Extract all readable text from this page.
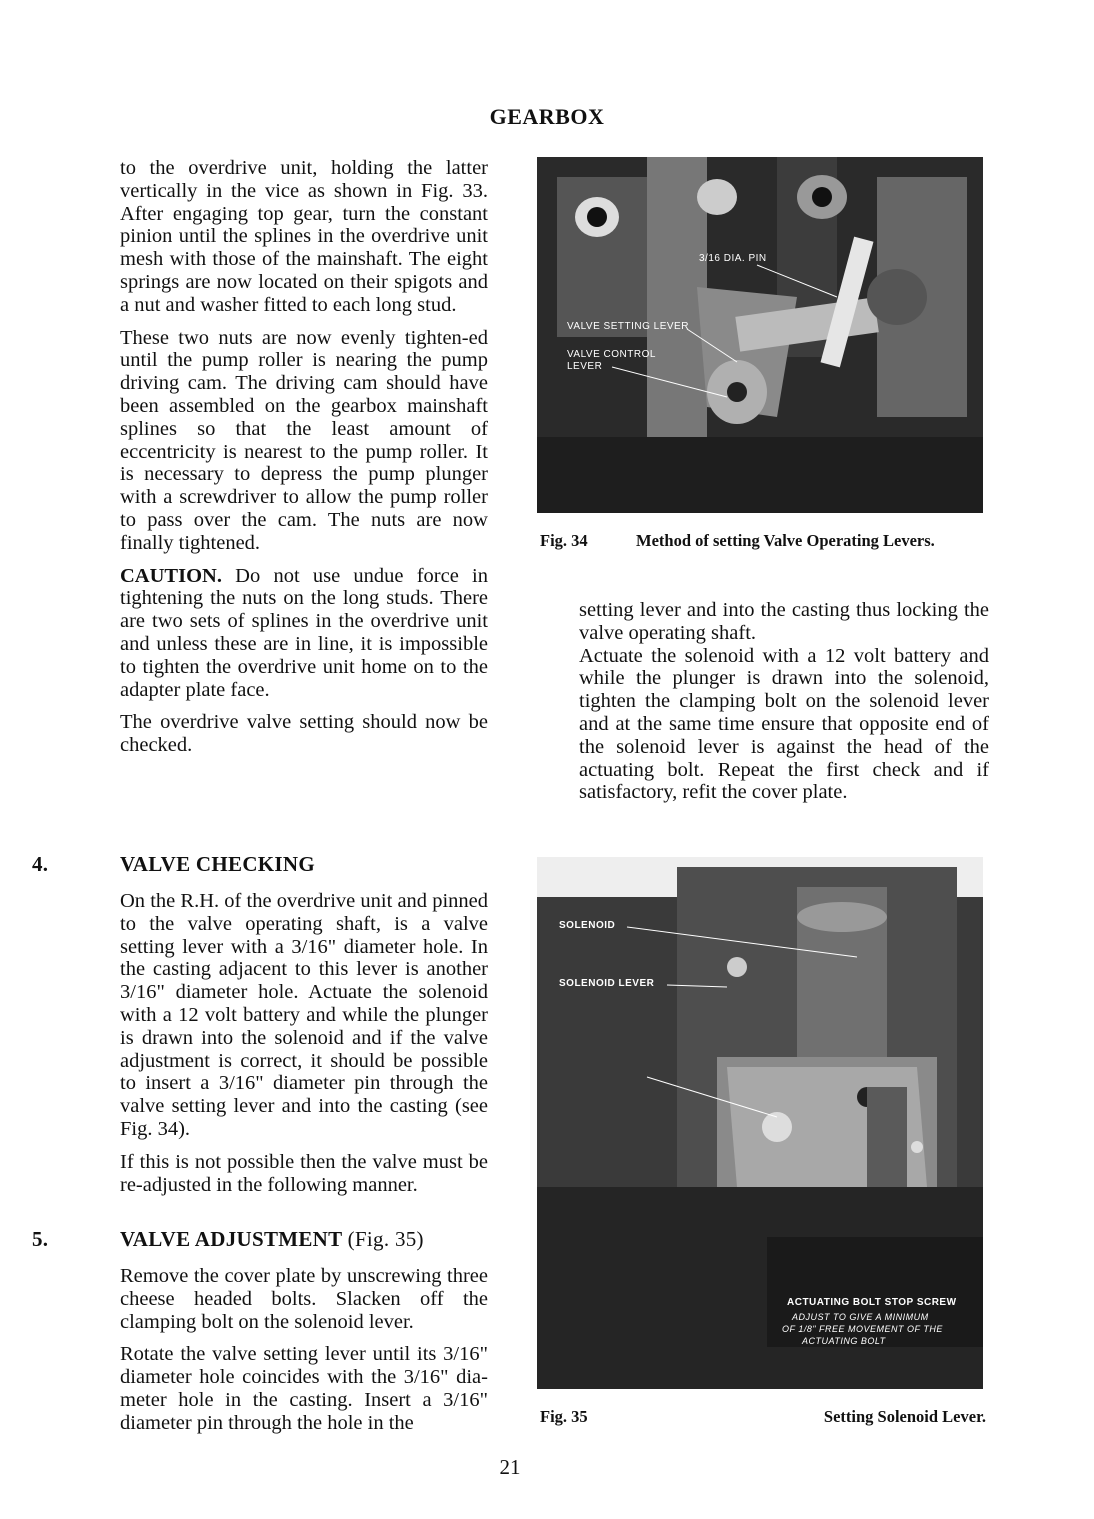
GEARBOX

to the overdrive unit, holding the latter vertically in the vice as shown in Fig. 33. After engaging top gear, turn the constant pinion until the splines in the overdrive unit mesh with those of the mainshaft. The eight springs are now located on their spigots and a nut and washer fitted to each long stud.

These two nuts are now evenly tighten-ed until the pump roller is nearing the pump driving cam. The driving cam should have been assembled on the gearbox mainshaft splines so that the least amount of eccentricity is nearest to the pump roller. It is necessary to depress the pump plunger with a screwdriver to allow the pump roller to pass over the cam. The nuts are now finally tightened.

CAUTION. Do not use undue force in tightening the nuts on the long studs. There are two sets of splines in the overdrive unit and unless these are in line, it is impossible to tighten the overdrive unit home on to the adapter plate face.

The overdrive valve setting should now be checked.

4.	VALVE CHECKING

On the R.H. of the overdrive unit and pinned to the valve operating shaft, is a valve setting lever with a 3/16" diameter hole. In the casting adjacent to this lever is another 3/16" diameter hole. Actuate the solenoid with a 12 volt battery and while the plunger is drawn into the solenoid and if the valve adjustment is correct, it should be possible to insert a 3/16" diameter pin through the valve setting lever and into the casting (see Fig. 34).

If this is not possible then the valve must be re-adjusted in the following manner.

5.	VALVE ADJUSTMENT (Fig. 35)

Remove the cover plate by unscrewing three cheese headed bolts. Slacken off the clamping bolt on the solenoid lever.

Rotate the valve setting lever until its 3/16" diameter hole coincides with the 3/16" dia-meter hole in the casting. Insert a 3/16" diameter pin through the hole in the

3/16 DIA. PIN
VALVE SETTING LEVER
VALVE CONTROL
LEVER
Fig. 34	Method of setting Valve Operating Levers.

setting lever and into the casting thus locking the valve operating shaft.

Actuate the solenoid with a 12 volt battery and while the plunger is drawn into the solenoid, tighten the clamping bolt on the solenoid lever and at the same time ensure that opposite end of the solenoid lever is against the head of the actuating bolt. Repeat the first check and if satisfactory, refit the cover plate.

SOLENOID
SOLENOID LEVER
ACTUATING BOLT STOP SCREW
ADJUST TO GIVE A MINIMUM
OF 1/8" FREE MOVEMENT OF THE
ACTUATING BOLT
Fig. 35	Setting Solenoid Lever.
21
